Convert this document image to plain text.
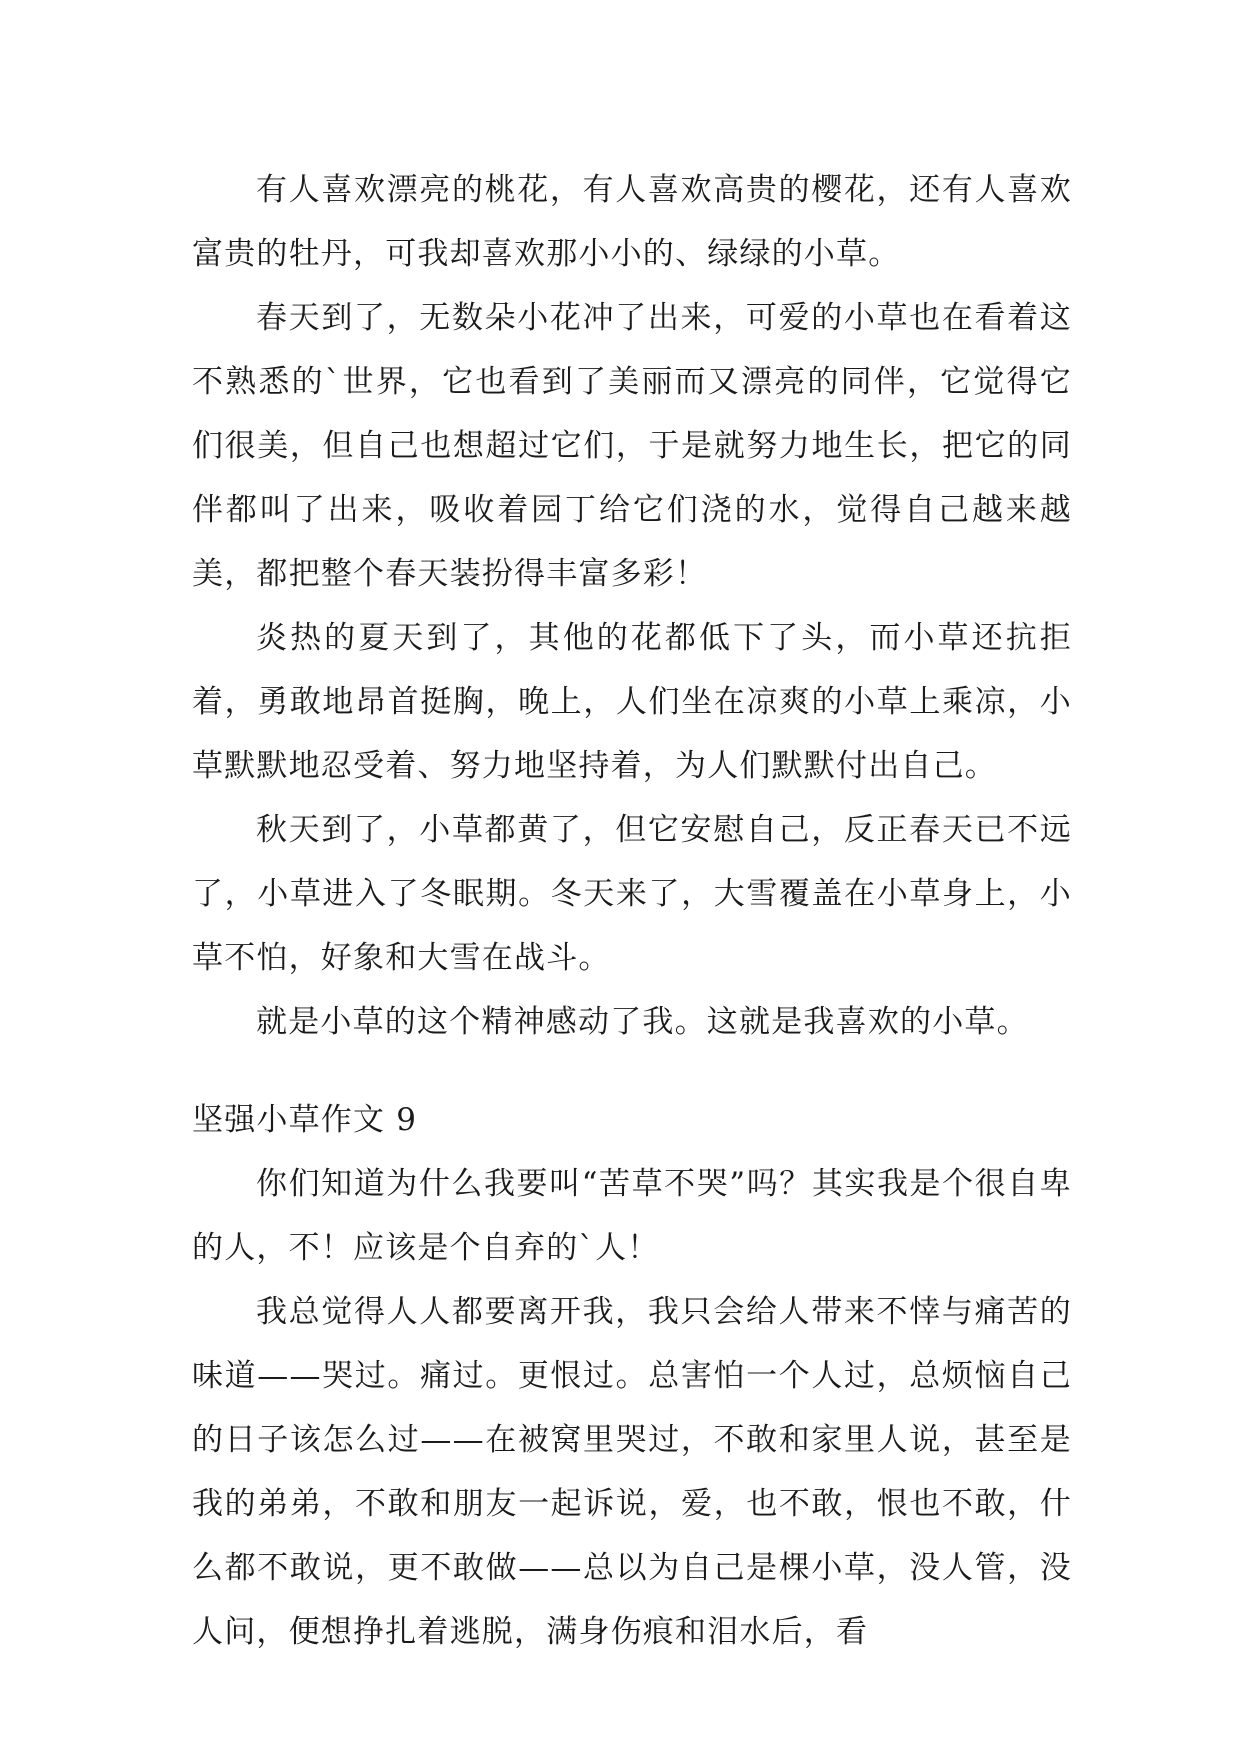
有人喜欢漂亮的桃花，有人喜欢高贵的樱花，还有人喜欢富贵的牡丹，可我却喜欢那小小的、绿绿的小草。

春天到了，无数朵小花冲了出来，可爱的小草也在看着这不熟悉的`世界，它也看到了美丽而又漂亮的同伴，它觉得它们很美，但自己也想超过它们，于是就努力地生长，把它的同伴都叫了出来，吸收着园丁给它们浇的水，觉得自己越来越美，都把整个春天装扮得丰富多彩！

炎热的夏天到了，其他的花都低下了头，而小草还抗拒着，勇敢地昂首挺胸，晚上，人们坐在凉爽的小草上乘凉，小草默默地忍受着、努力地坚持着，为人们默默付出自己。

秋天到了，小草都黄了，但它安慰自己，反正春天已不远了，小草进入了冬眠期。冬天来了，大雪覆盖在小草身上，小草不怕，好象和大雪在战斗。

就是小草的这个精神感动了我。这就是我喜欢的小草。

坚强小草作文 9

你们知道为什么我要叫“苦草不哭”吗？其实我是个很自卑的人，不！应该是个自弃的`人！

我总觉得人人都要离开我，我只会给人带来不悻与痛苦的味道——哭过。痛过。更恨过。总害怕一个人过，总烦恼自己的日子该怎么过——在被窝里哭过，不敢和家里人说，甚至是我的弟弟，不敢和朋友一起诉说，爱，也不敢，恨也不敢，什么都不敢说，更不敢做——总以为自己是棵小草，没人管，没人问，便想挣扎着逃脱，满身伤痕和泪水后，看
